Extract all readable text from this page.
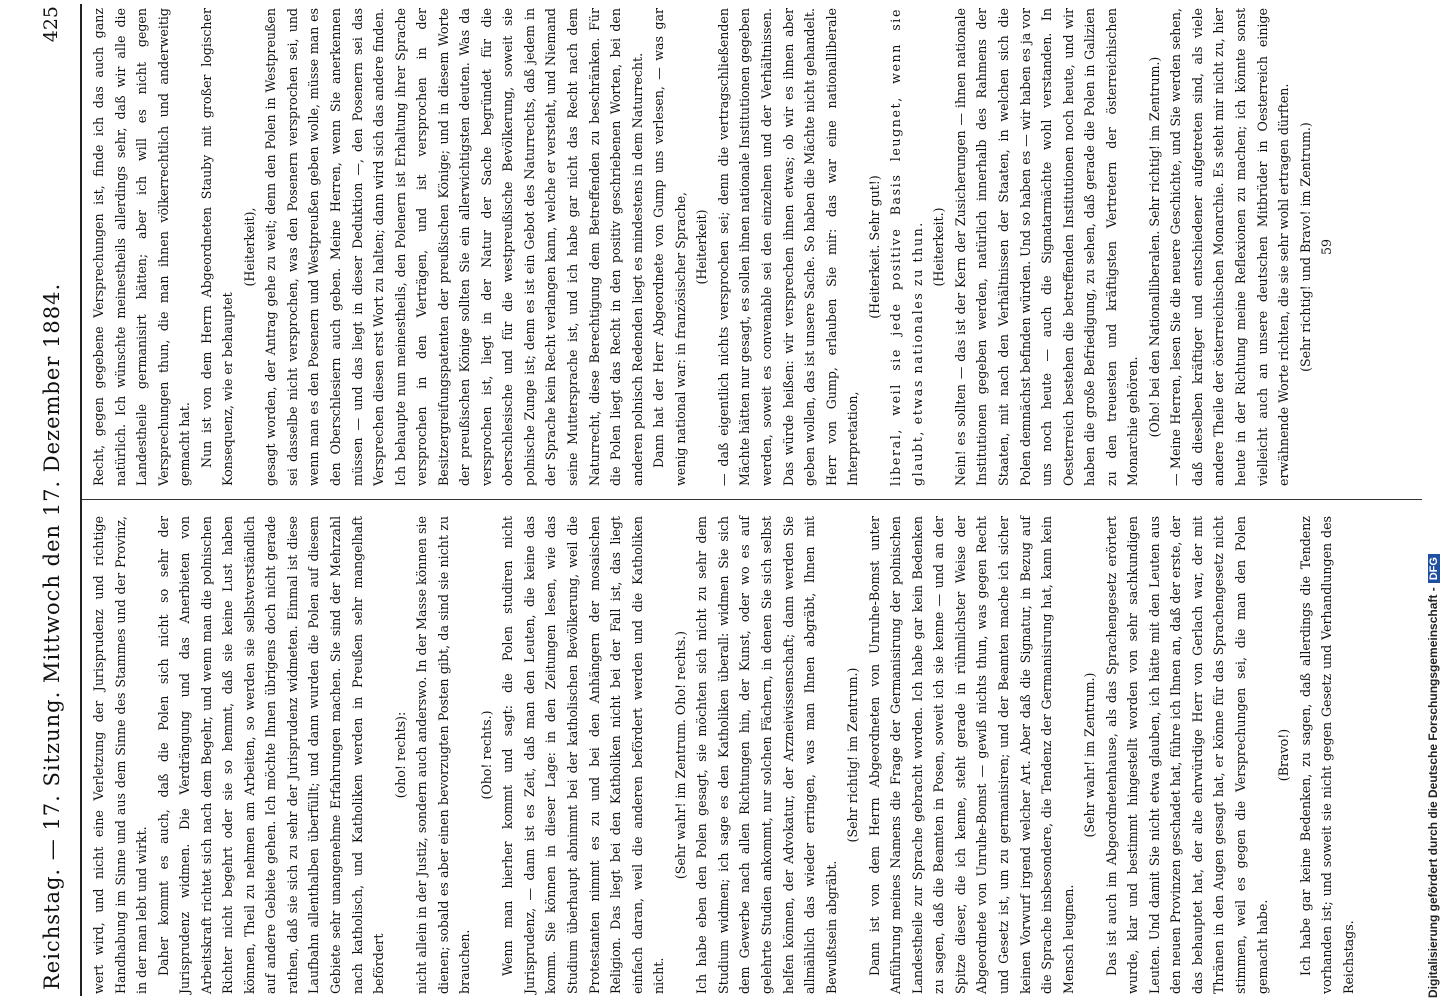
Reichstag. — 17. Sitzung. Mittwoch den 17. Dezember 1884.
425

wert wird, und nicht eine Verletzung der Jurisprudenz und richtige Handhabung im Sinne und aus dem Sinne des Stammes und der Provinz, in der man lebt und wirkt. Daher kommt es auch, daß die Polen sich nicht so sehr der Jurisprudenz widmen. Die Verdrängung und das Anerbieten von Arbeitskraft richtet sich nach dem Begehr, und wenn man die polnischen Richter nicht begehrt oder sie so hemmt, daß sie keine Lust haben können, Theil zu nehmen am Arbeiten, so werden sie selbstverständlich auf andere Gebiete gehen. Ich möchte Ihnen übrigens doch nicht gerade rathen, daß sie sich zu sehr der Jurisprudenz widmeten. Einmal ist diese Laufbahn allenthalben überfüllt; und dann wurden die Polen auf diesem Gebiete sehr unangenehme Erfahrungen machen. Sie sind der Mehrzahl nach katholisch, und Katholiken werden in Preußen sehr mangelhaft befördert

(oho! rechts): nicht allein in der Justiz, sondern auch anderswo. In der Masse können sie dienen; sobald es aber einen bevorzugten Posten gibt, da sind sie nicht zu brauchen.

(Oho! rechts.) Wenn man hierher kommt und sagt: die Polen studiren nicht Jurisprudenz, — dann ist es Zeit, daß man den Leuten, die keine das komm. Sie können in dieser Lage: in den Zeitungen lesen, wie das Studium überhaupt abnimmt bei der katholischen Bevölkerung, weil die Protestanten nimmt es zu und bei den Anhängern der mosaischen Religion. Das liegt bei den Katholiken nicht bei der Fall ist, das liegt einfach daran, weil die anderen befördert werden und die Katholiken nicht.

(Sehr wahr! im Zentrum. Oho! rechts.) Ich habe eben den Polen gesagt, sie möchten sich nicht zu sehr dem Studium widmen; ich sage es den Katholiken überall: widmen Sie sich dem Gewerbe nach allen Richtungen hin, der Kunst, oder wo es auf gelehrte Studien ankommt, nur solchen Fächern, in denen Sie sich selbst helfen können, der Advokatur, der Arzneiwissenschaft; dann werden Sie allmählich das wieder erringen, was man Ihnen abgräbt, Ihnen mit Bewußtsein abgräbt.

(Sehr richtig! im Zentrum.) Dann ist von dem Herrn Abgeordneten von Unruhe-Bomst unter Anführung meines Namens die Frage der Germanisirung der polnischen Landestheile zur Sprache gebracht worden. Ich habe gar kein Bedenken zu sagen, daß die Beamten in Posen, soweit ich sie kenne — und an der Spitze dieser, die ich kenne, steht gerade in rühmlichster Weise der Abgeordnete von Unruhe-Bomst — gewiß nichts thun, was gegen Recht und Gesetz ist, um zu germanisiren; und der Beamten mache ich sicher keinen Vorwurf irgend welcher Art. Aber daß die Signatur, in Bezug auf die Sprache insbesondere, die Tendenz der Germanisirung hat, kann kein Mensch leugnen.

(Sehr wahr! im Zentrum.) Das ist auch im Abgeordnetenhause, als das Sprachengesetz erörtert wurde, klar und bestimmt hingestellt worden von sehr sachkundigen Leuten. Und damit Sie nicht etwa glauben, ich hätte mit den Leuten aus den neuen Provinzen geschadet hat, führe ich Ihnen an, daß der erste, der das behauptet hat, der alte ehrwürdige Herr von Gerlach war, der mit Thränen in den Augen gesagt hat, er könne für das Sprachengesetz nicht stimmen, weil es gegen die Versprechungen sei, die man den Polen gemacht habe.

(Bravo!) Ich habe gar keine Bedenken, zu sagen, daß allerdings die Tendenz vorhanden ist; und soweit sie nicht gegen Gesetz und Verhandlungen des Reichstags.

Recht, gegen gegebene Versprechungen ist, finde ich das auch ganz natürlich. Ich wünschte meinestheils allerdings sehr, daß wir alle die Landestheile germanisirt hätten; aber ich will es nicht gegen Versprechungen thun, die man ihnen völkerrechtlich und anderweitig gemacht hat. Nun ist von dem Herrn Abgeordneten Stauby mit großer logischer Konsequenz, wie er behauptet

(Heiterkeit), gesagt worden, der Antrag gehe zu weit; denn den Polen in Westpreußen sei dasselbe nicht versprochen, was den Posenern versprochen sei, und wenn man es den Posenern und Westpreußen geben wolle, müsse man es den Oberschlesiern auch geben. Meine Herren, wenn Sie anerkennen müssen — und das liegt in dieser Deduktion —, den Posenern sei das Versprechen diesen erst Wort zu halten; dann wird sich das andere finden. Ich behaupte nun meinestheils, den Polenern ist Erhaltung ihrer Sprache versprochen in den Verträgen, und ist versprochen in der Besitzergreifungspatenten der preußischen Könige; und in diesem Worte der preußischen Könige sollten Sie ein allerwichtigsten deuten. Was da versprochen ist, liegt in der Natur der Sache begründet für die oberschlesische und für die westpreußische Bevölkerung, soweit sie polnische Zunge ist; denn es ist ein Gebot des Naturrechts, daß jedem in der Sprache kein Recht verlangen kann, welche er versteht, und Niemand seine Muttersprache ist, und ich habe gar nicht das Recht nach dem Naturrecht, diese Berechtigung dem Betreffenden zu beschränken. Für die Polen liegt das Recht in den positiv geschriebenen Worten, bei den anderen polnisch Redenden liegt es mindestens in dem Naturrecht. Dann hat der Herr Abgeordnete von Gump uns verlesen, — was gar wenig national war: in französischer Sprache, (Heiterkeit) — daß eigentlich nichts versprochen sei; denn die vertragschließenden Mächte hätten nur gesagt, es sollen ihnen nationale Institutionen gegeben werden, soweit es convenable sei den einzelnen und der Verhältnissen. Das würde heißen: wir versprechen ihnen etwas; ob wir es ihnen aber geben wollen, das ist unsere Sache. So haben die Mächte nicht gehandelt. Herr von Gump, erlauben Sie mir: das war eine nationalliberale Interpretation,

(Heiterkeit. Sehr gut!) liberal, weil sie jede positive Basis leugnet, wenn sie glaubt, etwas nationales zu thun. (Heiterkeit.) Nein! es sollten — das ist der Kern der Zusicherungen — ihnen nationale Institutionen gegeben werden, natürlich innerhalb des Rahmens der Staaten, mit nach den Verhältnissen der Staaten, in welchen sich die Polen demnächst befinden würden. Und so haben es — wir haben es ja vor uns noch heute — auch die Signatarmächte wohl verstanden. In Oesterreich bestehen die betreffenden Institutionen noch heute, und wir haben die große Befriedigung, zu sehen, daß gerade die Polen in Galizien zu den treuesten und kräftigsten Vertretern der österreichischen Monarchie gehören. (Oho! bei den Nationalliberalen. Sehr richtig! im Zentrum.) — Meine Herren, lesen Sie die neuere Geschichte, und Sie werden sehen, daß dieselben kräftiger und entschiedener aufgetreten sind, als viele andere Theile der österreichischen Monarchie. Es steht mir nicht zu, hier heute in der Richtung meine Reflexionen zu machen; ich könnte sonst vielleicht auch an unsere deutschen Mitbrüder in Oesterreich einige erwähnende Worte richten, die sie sehr wohl ertragen dürften. (Sehr richtig! und Bravo! im Zentrum.) 59

Digitalisierung gefördert durch die Deutsche Forschungsgemeinschaft -DFG
